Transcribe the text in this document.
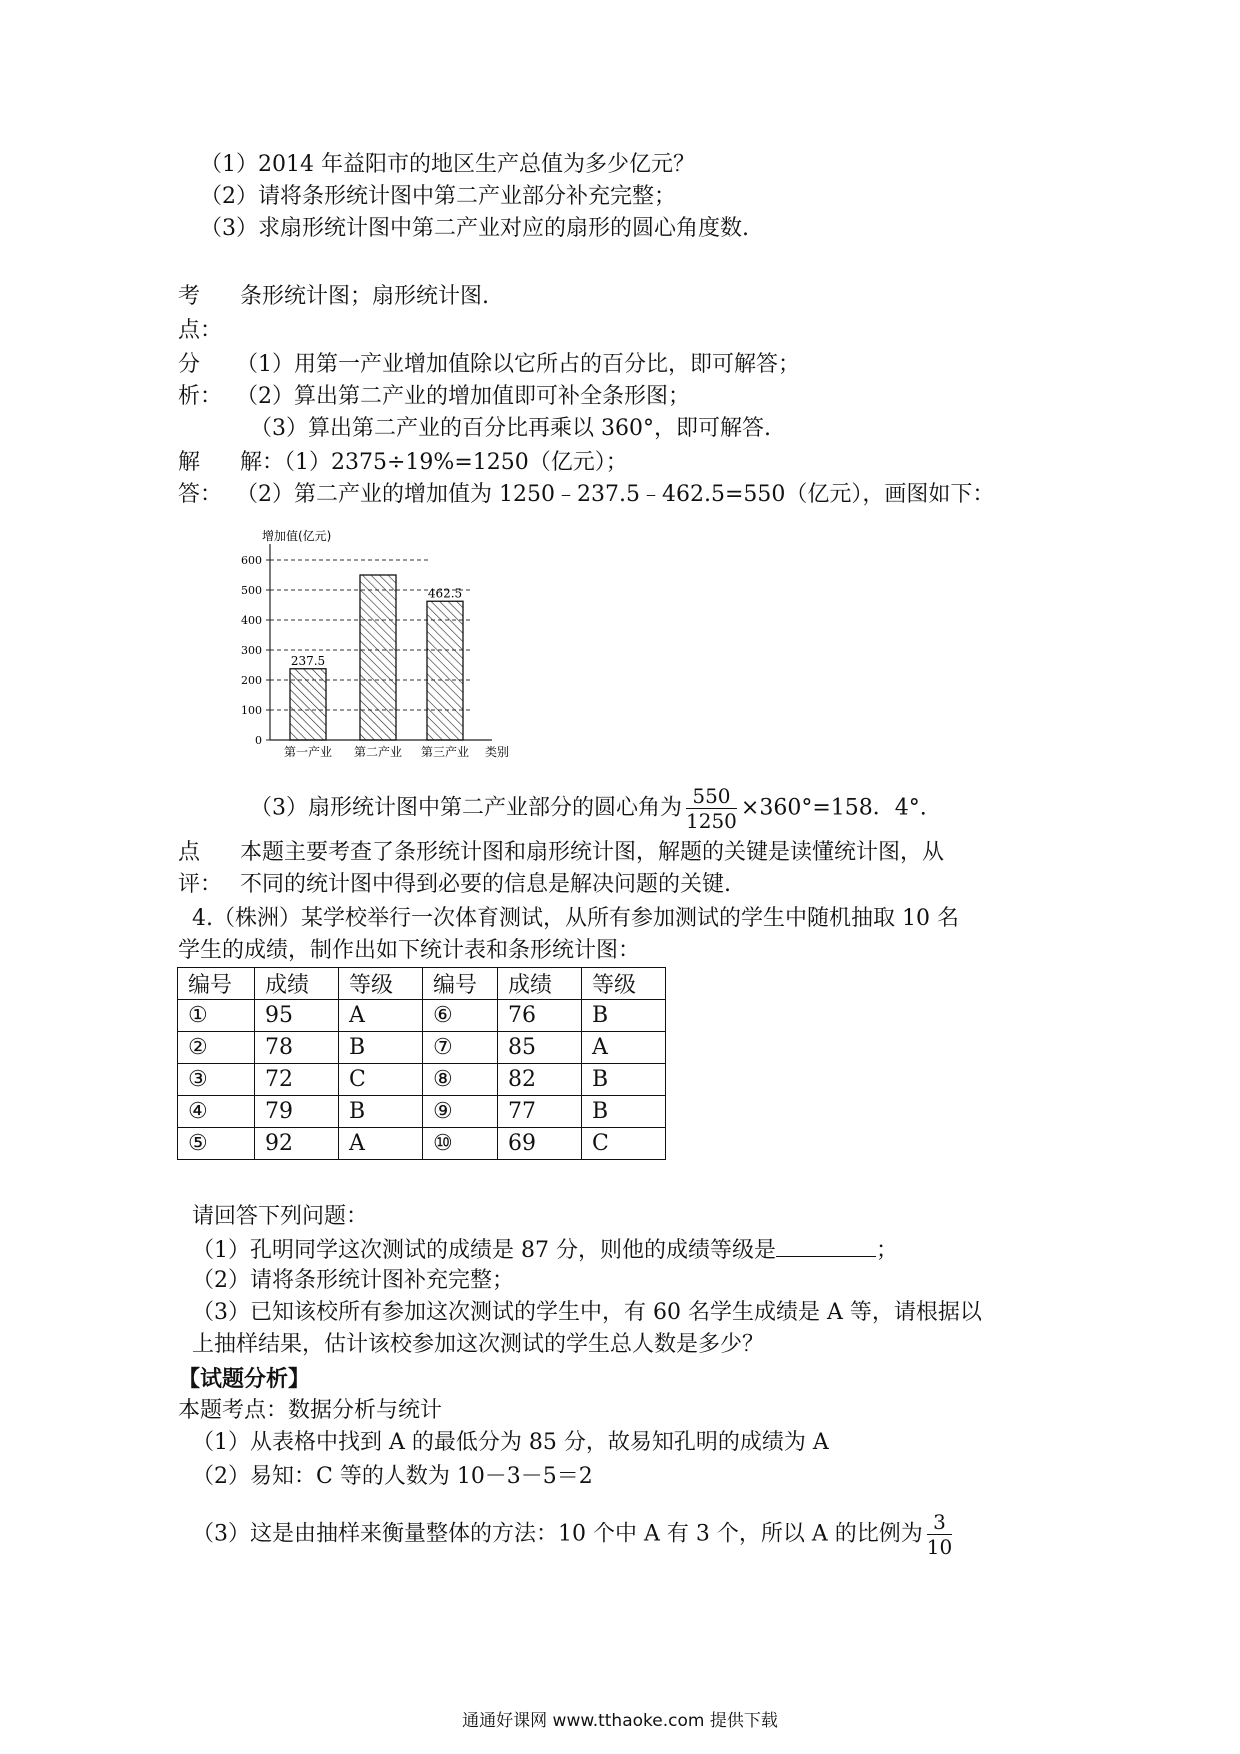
（1）2014 年益阳市的地区生产总值为多少亿元？
（2）请将条形统计图中第二产业部分补充完整；
（3）求扇形统计图中第二产业对应的扇形的圆心角度数.
考
点：
条形统计图；扇形统计图.
分
析：
（1）用第一产业增加值除以它所占的百分比，即可解答；
（2）算出第二产业的增加值即可补全条形图；
（3）算出第二产业的百分比再乘以 360°，即可解答.
解
答：
解：（1）2375÷19%=1250（亿元）；
（2）第二产业的增加值为 1250﹣237.5﹣462.5=550（亿元），画图如下：
增加值(亿元)
0
100
200
300
400
500
600
237.5
第一产业 第二产业
462.5
第三产业 类别
（3）扇形统计图中第二产业部分的圆心角为 $\frac{550}{1250} \times 360^\circ=158$．4°.
点
评：
本题主要考查了条形统计图和扇形统计图，解题的关键是读懂统计图，从
不同的统计图中得到必要的信息是解决问题的关键.
4.（株洲）某学校举行一次体育测试，从所有参加测试的学生中随机抽取 10 名
学生的成绩，制作出如下统计表和条形统计图：
编号	成绩	等级	编号	成绩	等级
①	95	A	⑥	76	B
②	78	B	⑦	85	A
③	72	C	⑧	82	B
④	79	B	⑨	77	B
⑤	92	A	⑩	69	C
请回答下列问题：
（1）孔明同学这次测试的成绩是 87 分，则他的成绩等级是	；
（2）请将条形统计图补充完整；
（3）已知该校所有参加这次测试的学生中，有 60 名学生成绩是 A 等，请根据以
上抽样结果，估计该校参加这次测试的学生总人数是多少？
【试题分析】
本题考点：数据分析与统计
（1）从表格中找到 A 的最低分为 85 分，故易知孔明的成绩为 A
（2）易知：C 等的人数为 10－3－5＝2
（3）这是由抽样来衡量整体的方法：10 个中 A 有 3 个，所以 A 的比例为 $\frac{3}{10}$
通通好课网 www.tthaoke.com 提供下载
